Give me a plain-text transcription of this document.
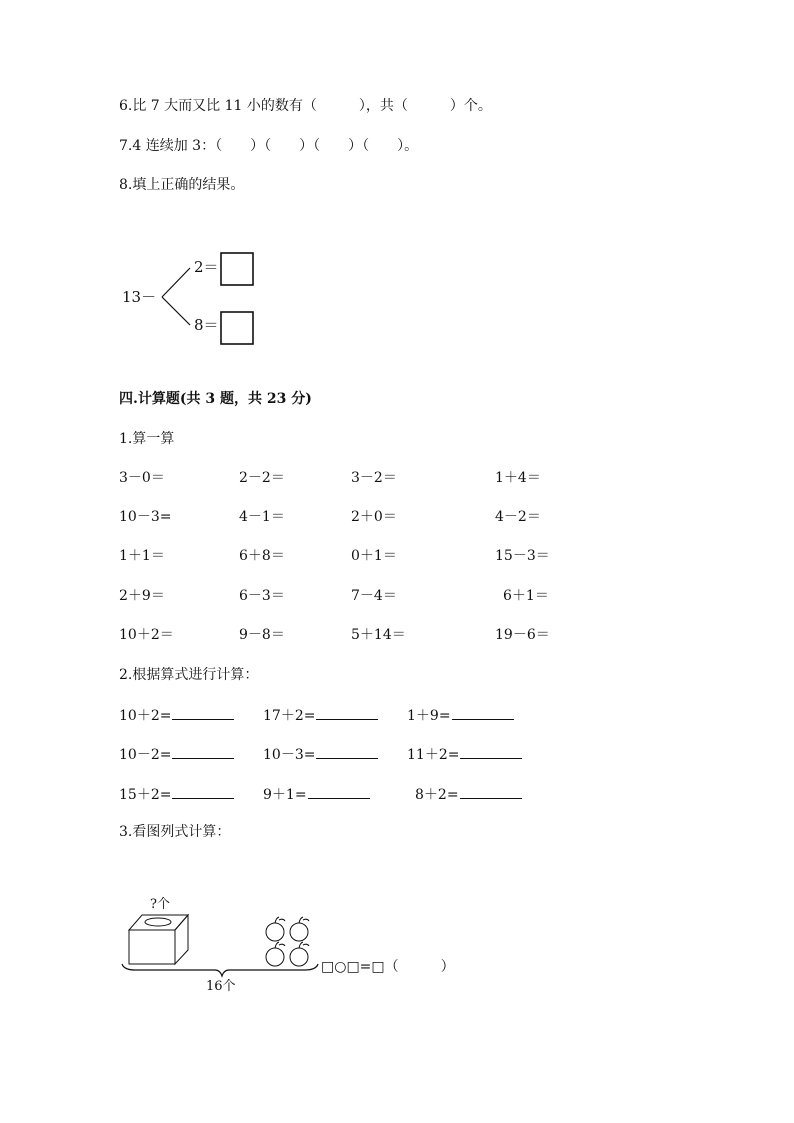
6.比 7 大而又比 11 小的数有（　　　），共（　　　）个。
7.4 连续加 3：（　　）（　　）（　　）（　　）。
8.填上正确的结果。
13－
2＝
8＝
四.计算题(共 3 题，共 23 分)
1.算一算
3－0＝	2－2＝	3－2＝	1＋4＝
10－3=	4－1＝	2＋0＝	4－2＝
1＋1＝	6＋8＝	0＋1＝	15－3＝
2＋9＝	6－3＝	7－4＝	6＋1＝
10＋2＝	9－8＝	5＋14＝	19－6＝
2.根据算式进行计算：
10＋2=	17＋2=	1＋9=
10－2=	10－3=	11＋2=
15＋2=	9＋1=	8＋2=
3.看图列式计算：
?个
16个
□○□=□（　　　）
